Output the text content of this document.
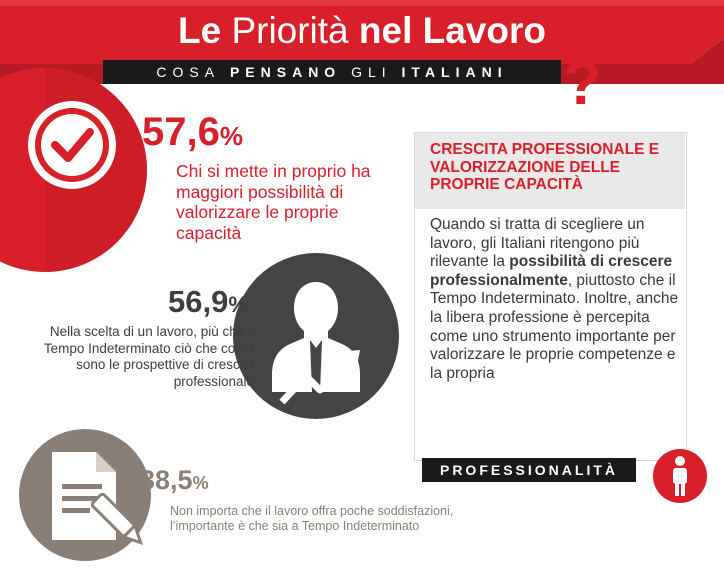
Le Priorità nel Lavoro
COSA
PENSANO
GLI
ITALIANI ?
57,6%
Chi si mette in proprio ha maggiori possibilità di valorizzare le proprie capacità
56,9%
Nella scelta di un lavoro, più che il Tempo Indeterminato ciò che conta sono le prospettive di crescita professionale
38,5%
Non importa che il lavoro offra poche soddisfazioni, l’importante è che sia a Tempo Indeterminato
CRESCITA PROFESSIONALE E VALORIZZAZIONE DELLE PROPRIE CAPACITÀ
Quando si tratta di scegliere un lavoro, gli Italiani ritengono più rilevante la possibilità di crescere professionalmente, piuttosto che il Tempo Indeterminato. Inoltre, anche la libera professione è percepita come uno strumento importante per valorizzare le proprie competenze e la propria
PROFESSIONALITÀ
